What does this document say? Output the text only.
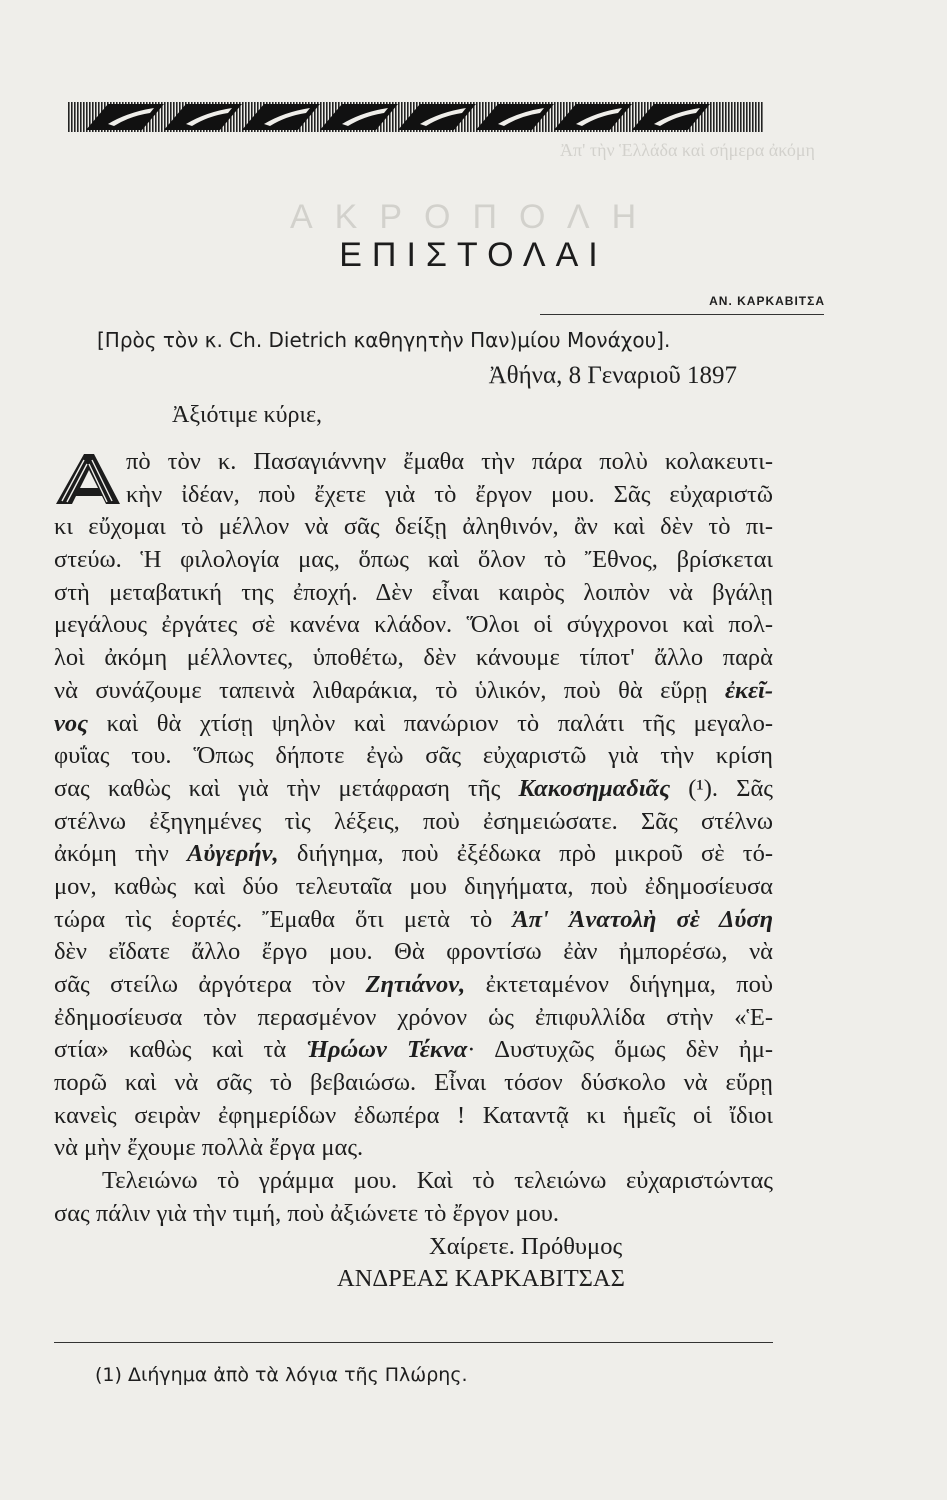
ΑΚΡΟΠΟΛΗ
Ἀπ' τὴν Ἑλλάδα καὶ σήμερα ἀκόμη
ΕΠΙΣΤΟΛΑΙ
ΑΝ. ΚΑΡΚΑΒΙΤΣΑ
[Πρὸς τὸν κ. Ch. Dietrich καθηγητὴν Παν)μίου Μονάχου].
Ἀθήνα, 8 Γεναριοῦ 1897
Ἀξιότιμε κύριε,
πὸ τὸν κ. Πασαγιάννην ἔμαθα τὴν πάρα πολὺ κολακευτι-
κὴν ἰδέαν, ποὺ ἔχετε γιὰ τὸ ἔργον μου. Σᾶς εὐχαριστῶ
κι εὔχομαι τὸ μέλλον νὰ σᾶς δείξῃ ἀληθινόν, ἂν καὶ δὲν τὸ πι-
στεύω. Ἡ φιλολογία μας, ὅπως καὶ ὅλον τὸ Ἔθνος, βρίσκεται
στὴ μεταβατική της ἐποχή. Δὲν εἶναι καιρὸς λοιπὸν νὰ βγάλῃ
μεγάλους ἐργάτες σὲ κανένα κλάδον. Ὅλοι οἱ σύγχρονοι καὶ πολ-
λοὶ ἀκόμη μέλλοντες, ὑποθέτω, δὲν κάνουμε τίποτ' ἄλλο παρὰ
νὰ συνάζουμε ταπεινὰ λιθαράκια, τὸ ὑλικόν, ποὺ θὰ εὕρῃ ἐκεῖ-
νος καὶ θὰ χτίσῃ ψηλὸν καὶ πανώριον τὸ παλάτι τῆς μεγαλο-
φυΐας του. Ὅπως δήποτε ἐγὼ σᾶς εὐχαριστῶ γιὰ τὴν κρίση
σας καθὼς καὶ γιὰ τὴν μετάφραση τῆς Κακοσημαδιᾶς (¹). Σᾶς
στέλνω ἐξηγημένες τὶς λέξεις, ποὺ ἐσημειώσατε. Σᾶς στέλνω
ἀκόμη τὴν Αὐγερήν, διήγημα, ποὺ ἐξέδωκα πρὸ μικροῦ σὲ τό-
μον, καθὼς καὶ δύο τελευταῖα μου διηγήματα, ποὺ ἐδημοσίευσα
τώρα τὶς ἑορτές. Ἔμαθα ὅτι μετὰ τὸ Ἀπ' Ἀνατολὴ σὲ Δύση
δὲν εἴδατε ἄλλο ἔργο μου. Θὰ φροντίσω ἐὰν ἠμπορέσω, νὰ
σᾶς στείλω ἀργότερα τὸν Ζητιάνον, ἐκτεταμένον διήγημα, ποὺ
ἐδημοσίευσα τὸν περασμένον χρόνον ὡς ἐπιφυλλίδα στὴν «Ἑ-
στία» καθὼς καὶ τὰ Ἡρώων Τέκνα· Δυστυχῶς ὅμως δὲν ἠμ-
πορῶ καὶ νὰ σᾶς τὸ βεβαιώσω. Εἶναι τόσον δύσκολο νὰ εὕρῃ
κανεὶς σειρὰν ἐφημερίδων ἐδωπέρα ! Καταντᾷ κι ἡμεῖς οἱ ἴδιοι
νὰ μὴν ἔχουμε πολλὰ ἔργα μας.
Τελειώνω τὸ γράμμα μου. Καὶ τὸ τελειώνω εὐχαριστώντας
σας πάλιν γιὰ τὴν τιμή, ποὺ ἀξιώνετε τὸ ἔργον μου.
Χαίρετε. Πρόθυμος
ΑΝΔΡΕΑΣ ΚΑΡΚΑΒΙΤΣΑΣ
(1) Διήγημα ἀπὸ τὰ λόγια τῆς Πλώρης.
